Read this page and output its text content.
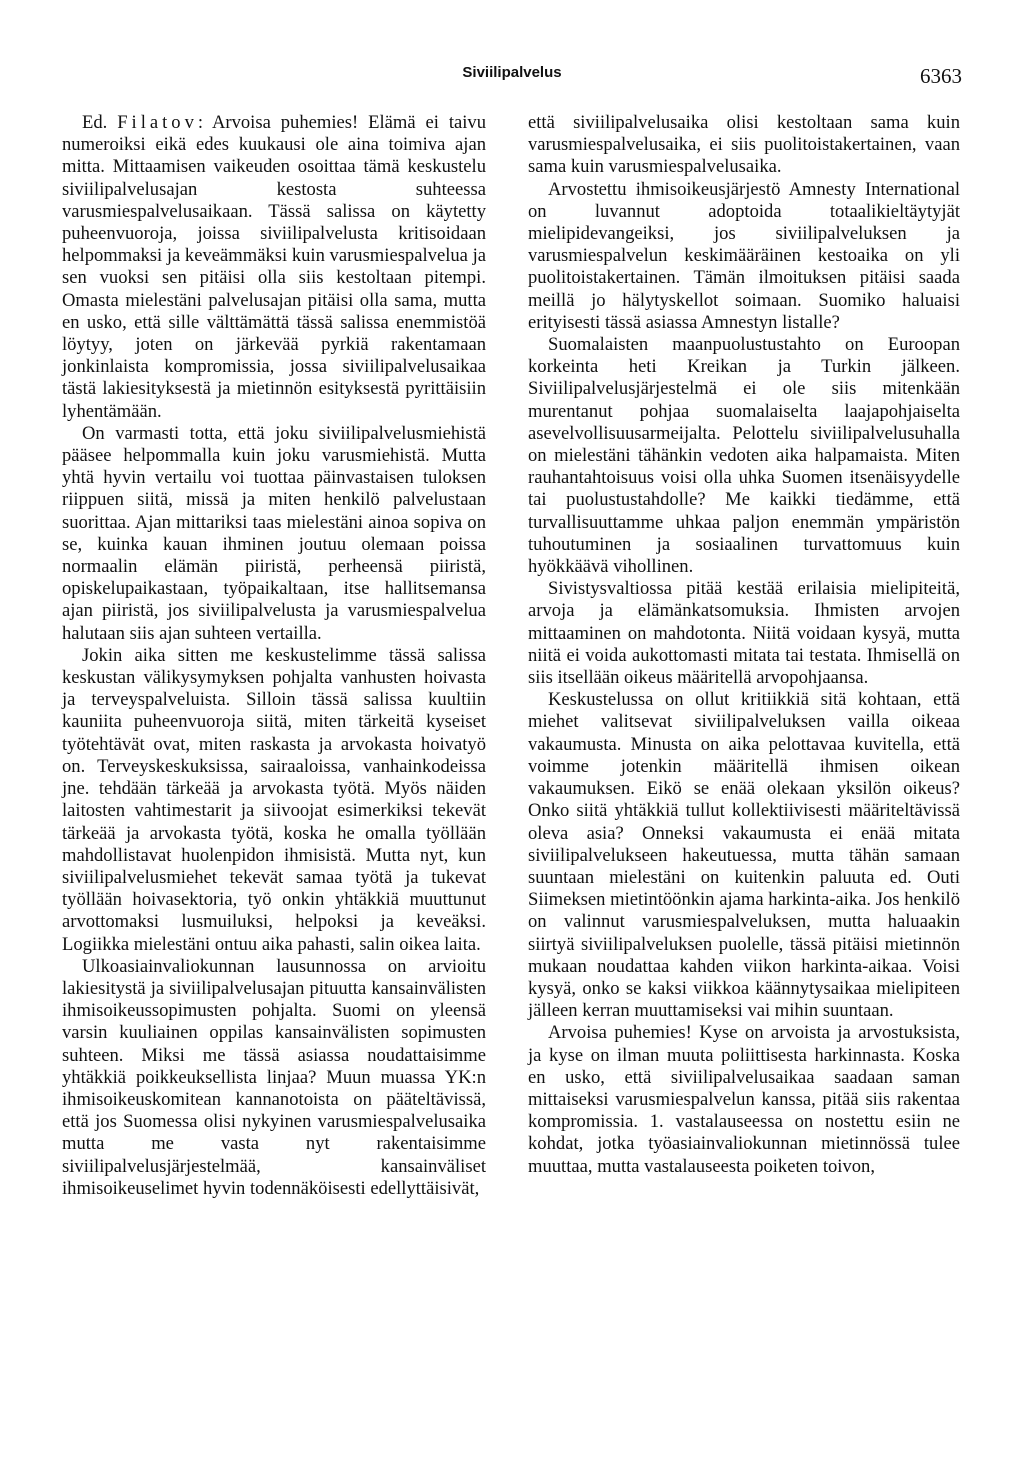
Siviilipalvelus	6363

Ed. Filatov: Arvoisa puhemies! Elämä ei taivu numeroiksi eikä edes kuukausi ole aina toimiva ajan mitta. Mittaamisen vaikeuden osoittaa tämä keskustelu siviilipalvelusajan kestosta suhteessa varusmiespalvelusaikaan. Tässä salissa on käytetty puheenvuoroja, joissa siviilipalvelusta kritisoidaan helpommaksi ja keveämmäksi kuin varusmiespalvelua ja sen vuoksi sen pitäisi olla siis kestoltaan pitempi. Omasta mielestäni palvelusajan pitäisi olla sama, mutta en usko, että sille välttämättä tässä salissa enemmistöä löytyy, joten on järkevää pyrkiä rakentamaan jonkinlaista kompromissia, jossa siviilipalvelusaikaa tästä lakiesityksestä ja mietinnön esityksestä pyrittäisiin lyhentämään.

On varmasti totta, että joku siviilipalvelusmiehistä pääsee helpommalla kuin joku varusmiehistä. Mutta yhtä hyvin vertailu voi tuottaa päinvastaisen tuloksen riippuen siitä, missä ja miten henkilö palvelustaan suorittaa. Ajan mittariksi taas mielestäni ainoa sopiva on se, kuinka kauan ihminen joutuu olemaan poissa normaalin elämän piiristä, perheensä piiristä, opiskelupaikastaan, työpaikaltaan, itse hallitsemansa ajan piiristä, jos siviilipalvelusta ja varusmiespalvelua halutaan siis ajan suhteen vertailla.

Jokin aika sitten me keskustelimme tässä salissa keskustan välikysymyksen pohjalta vanhusten hoivasta ja terveyspalveluista. Silloin tässä salissa kuultiin kauniita puheenvuoroja siitä, miten tärkeitä kyseiset työtehtävät ovat, miten raskasta ja arvokasta hoivatyö on. Terveyskeskuksissa, sairaaloissa, vanhainkodeissa jne. tehdään tärkeää ja arvokasta työtä. Myös näiden laitosten vahtimestarit ja siivoojat esimerkiksi tekevät tärkeää ja arvokasta työtä, koska he omalla työllään mahdollistavat huolenpidon ihmisistä. Mutta nyt, kun siviilipalvelusmiehet tekevät samaa työtä ja tukevat työllään hoivasektoria, työ onkin yhtäkkiä muuttunut arvottomaksi lusmuiluksi, helpoksi ja keveäksi. Logiikka mielestäni ontuu aika pahasti, salin oikea laita.

Ulkoasiainvaliokunnan lausunnossa on arvioitu lakiesitystä ja siviilipalvelusajan pituutta kansainvälisten ihmisoikeussopimusten pohjalta. Suomi on yleensä varsin kuuliainen oppilas kansainvälisten sopimusten suhteen. Miksi me tässä asiassa noudattaisimme yhtäkkiä poikkeuksellista linjaa? Muun muassa YK:n ihmisoikeuskomitean kannanotoista on pääteltävissä, että jos Suomessa olisi nykyinen varusmiespalvelusaika mutta me vasta nyt rakentaisimme siviilipalvelusjärjestelmää, kansainväliset ihmisoikeuselimet hyvin todennäköisesti edellyttäisivät,

että siviilipalvelusaika olisi kestoltaan sama kuin varusmiespalvelusaika, ei siis puolitoistakertainen, vaan sama kuin varusmiespalvelusaika.

Arvostettu ihmisoikeusjärjestö Amnesty International on luvannut adoptoida totaalikieltäytyjät mielipidevangeiksi, jos siviilipalveluksen ja varusmiespalvelun keskimääräinen kestoaika on yli puolitoistakertainen. Tämän ilmoituksen pitäisi saada meillä jo hälytyskellot soimaan. Suomiko haluaisi erityisesti tässä asiassa Amnestyn listalle?

Suomalaisten maanpuolustustahto on Euroopan korkeinta heti Kreikan ja Turkin jälkeen. Siviilipalvelusjärjestelmä ei ole siis mitenkään murentanut pohjaa suomalaiselta laajapohjaiselta asevelvollisuusarmeijalta. Pelottelu siviilipalvelusuhalla on mielestäni tähänkin vedoten aika halpamaista. Miten rauhantahtoisuus voisi olla uhka Suomen itsenäisyydelle tai puolustustahdolle? Me kaikki tiedämme, että turvallisuuttamme uhkaa paljon enemmän ympäristön tuhoutuminen ja sosiaalinen turvattomuus kuin hyökkäävä vihollinen.

Sivistysvaltiossa pitää kestää erilaisia mielipiteitä, arvoja ja elämänkatsomuksia. Ihmisten arvojen mittaaminen on mahdotonta. Niitä voidaan kysyä, mutta niitä ei voida aukottomasti mitata tai testata. Ihmisellä on siis itsellään oikeus määritellä arvopohjaansa.

Keskustelussa on ollut kritiikkiä sitä kohtaan, että miehet valitsevat siviilipalveluksen vailla oikeaa vakaumusta. Minusta on aika pelottavaa kuvitella, että voimme jotenkin määritellä ihmisen oikean vakaumuksen. Eikö se enää olekaan yksilön oikeus? Onko siitä yhtäkkiä tullut kollektiivisesti määriteltävissä oleva asia? Onneksi vakaumusta ei enää mitata siviilipalvelukseen hakeutuessa, mutta tähän samaan suuntaan mielestäni on kuitenkin paluuta ed. Outi Siimeksen mietintöönkin ajama harkinta-aika. Jos henkilö on valinnut varusmiespalveluksen, mutta haluaakin siirtyä siviilipalveluksen puolelle, tässä pitäisi mietinnön mukaan noudattaa kahden viikon harkinta-aikaa. Voisi kysyä, onko se kaksi viikkoa käännytysaikaa mielipiteen jälleen kerran muuttamiseksi vai mihin suuntaan.

Arvoisa puhemies! Kyse on arvoista ja arvostuksista, ja kyse on ilman muuta poliittisesta harkinnasta. Koska en usko, että siviilipalvelusaikaa saadaan saman mittaiseksi varusmiespalvelun kanssa, pitää siis rakentaa kompromissia. 1. vastalauseessa on nostettu esiin ne kohdat, jotka työasiainvaliokunnan mietinnössä tulee muuttaa, mutta vastalauseesta poiketen toivon,
